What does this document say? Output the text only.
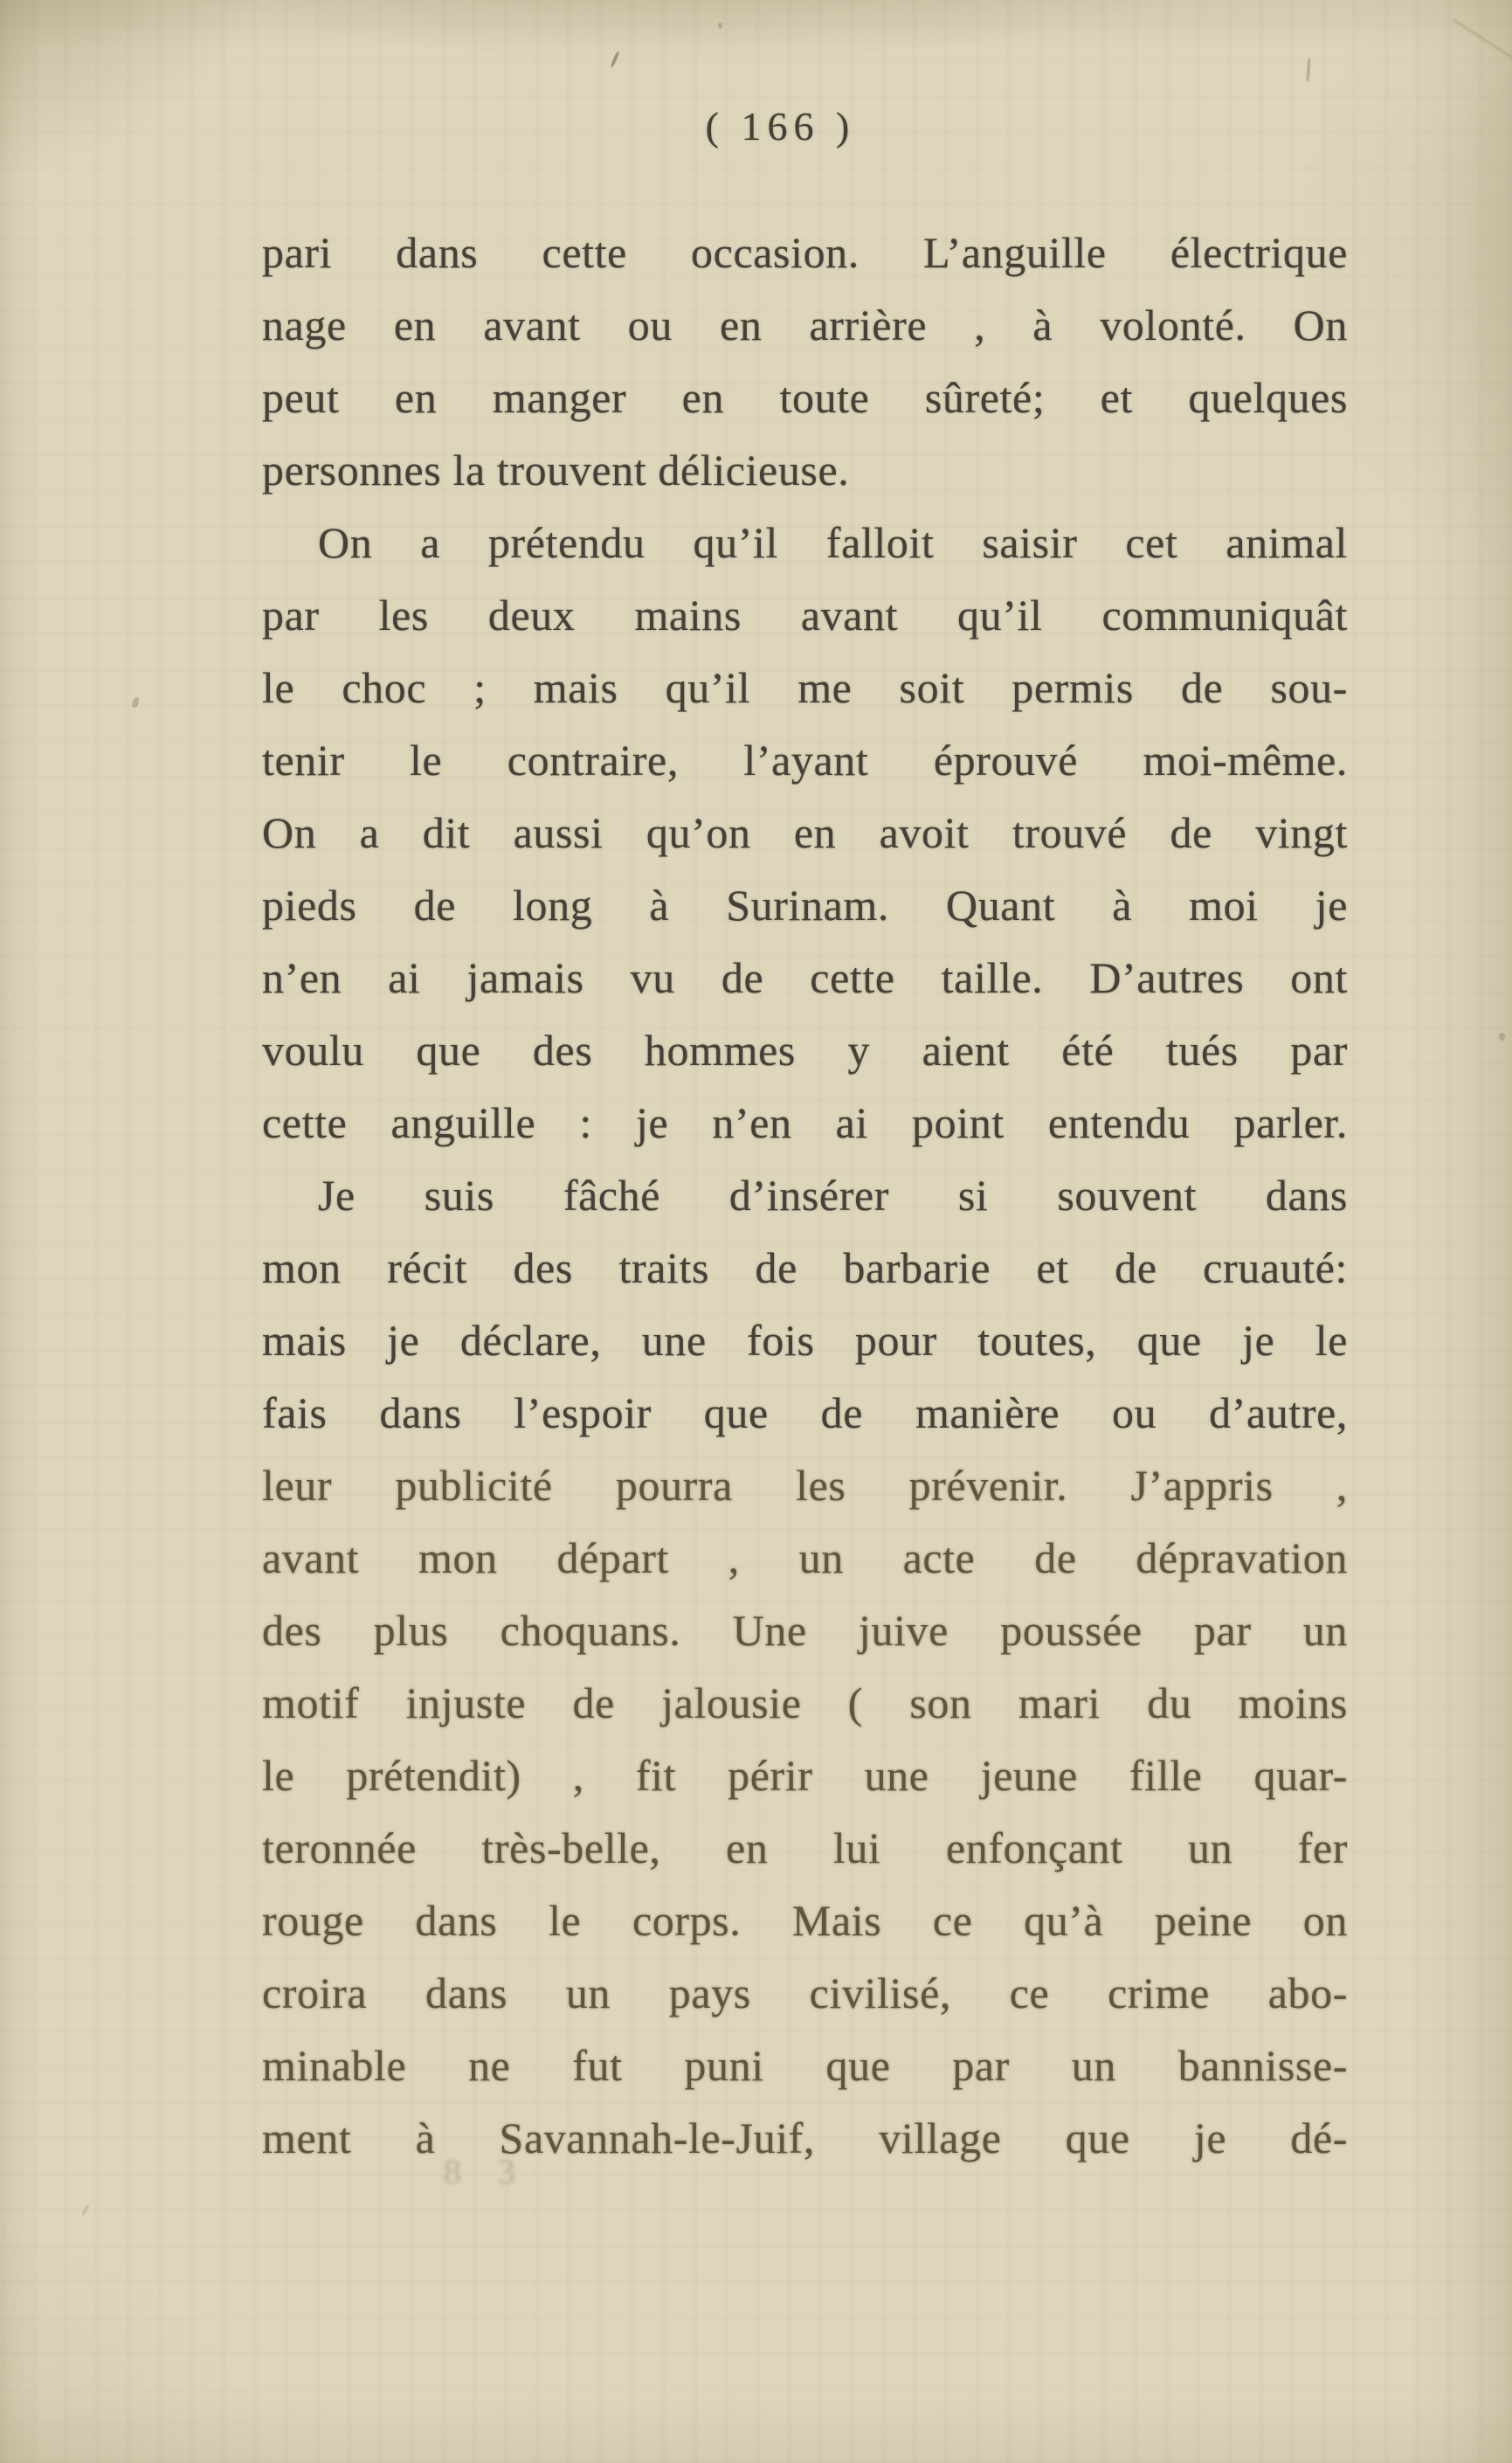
( 166 )
pari dans cette occasion. L’anguille électrique
nage en avant ou en arrière , à volonté. On
peut en manger en toute sûreté; et quelques
personnes la trouvent délicieuse.
On a prétendu qu’il falloit saisir cet animal
par les deux mains avant qu’il communiquât
le choc ; mais qu’il me soit permis de sou-
tenir le contraire, l’ayant éprouvé moi-même.
On a dit aussi qu’on en avoit trouvé de vingt
pieds de long à Surinam. Quant à moi je
n’en ai jamais vu de cette taille. D’autres ont
voulu que des hommes y aient été tués par
cette anguille : je n’en ai point entendu parler.
Je suis fâché d’insérer si souvent dans
mon récit des traits de barbarie et de cruauté:
mais je déclare, une fois pour toutes, que je le
fais dans l’espoir que de manière ou d’autre,
leur publicité pourra les prévenir. J’appris ,
avant mon départ , un acte de dépravation
des plus choquans. Une juive poussée par un
motif injuste de jalousie ( son mari du moins
le prétendit) , fit périr une jeune fille quar-
teronnée très-belle, en lui enfonçant un fer
rouge dans le corps. Mais ce qu’à peine on
croira dans un pays civilisé, ce crime abo-
minable ne fut puni que par un bannisse-
ment à Savannah-le-Juif, village que je dé-
8 3
